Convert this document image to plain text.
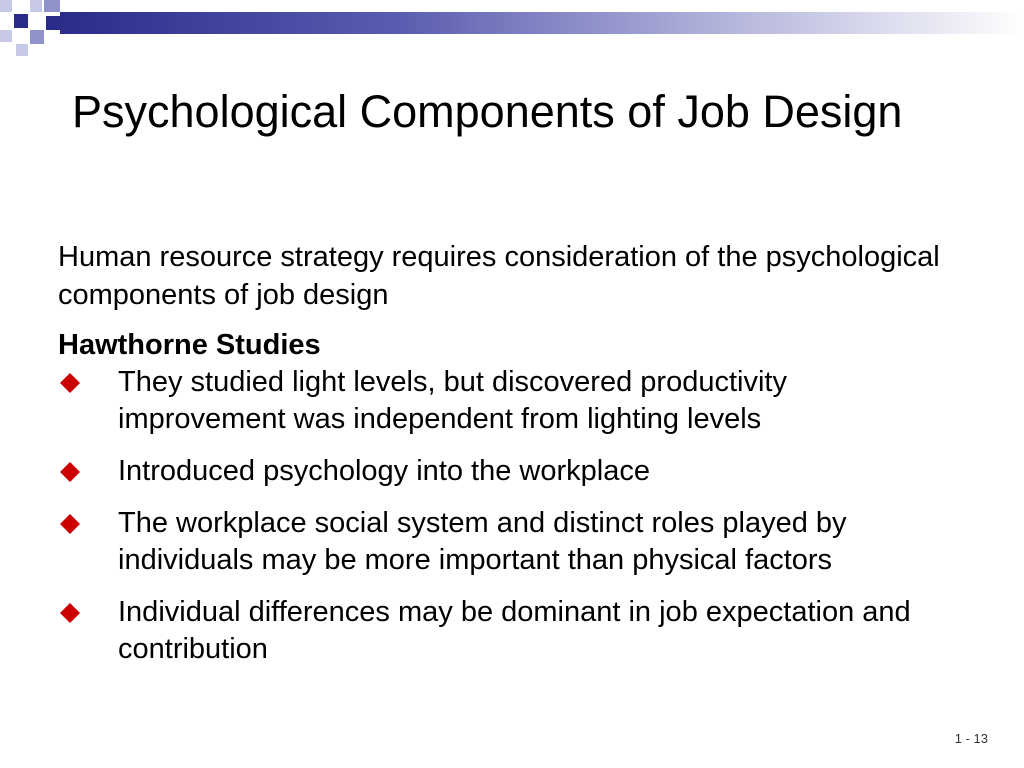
Psychological Components of Job Design

Human resource strategy requires consideration of the psychological components of job design

Hawthorne Studies

They studied light levels, but discovered productivity improvement was independent from lighting levels
Introduced psychology into the workplace
The workplace social system and distinct roles played by individuals may be more important than physical factors
Individual differences may be dominant in job expectation and contribution
1 - 13
